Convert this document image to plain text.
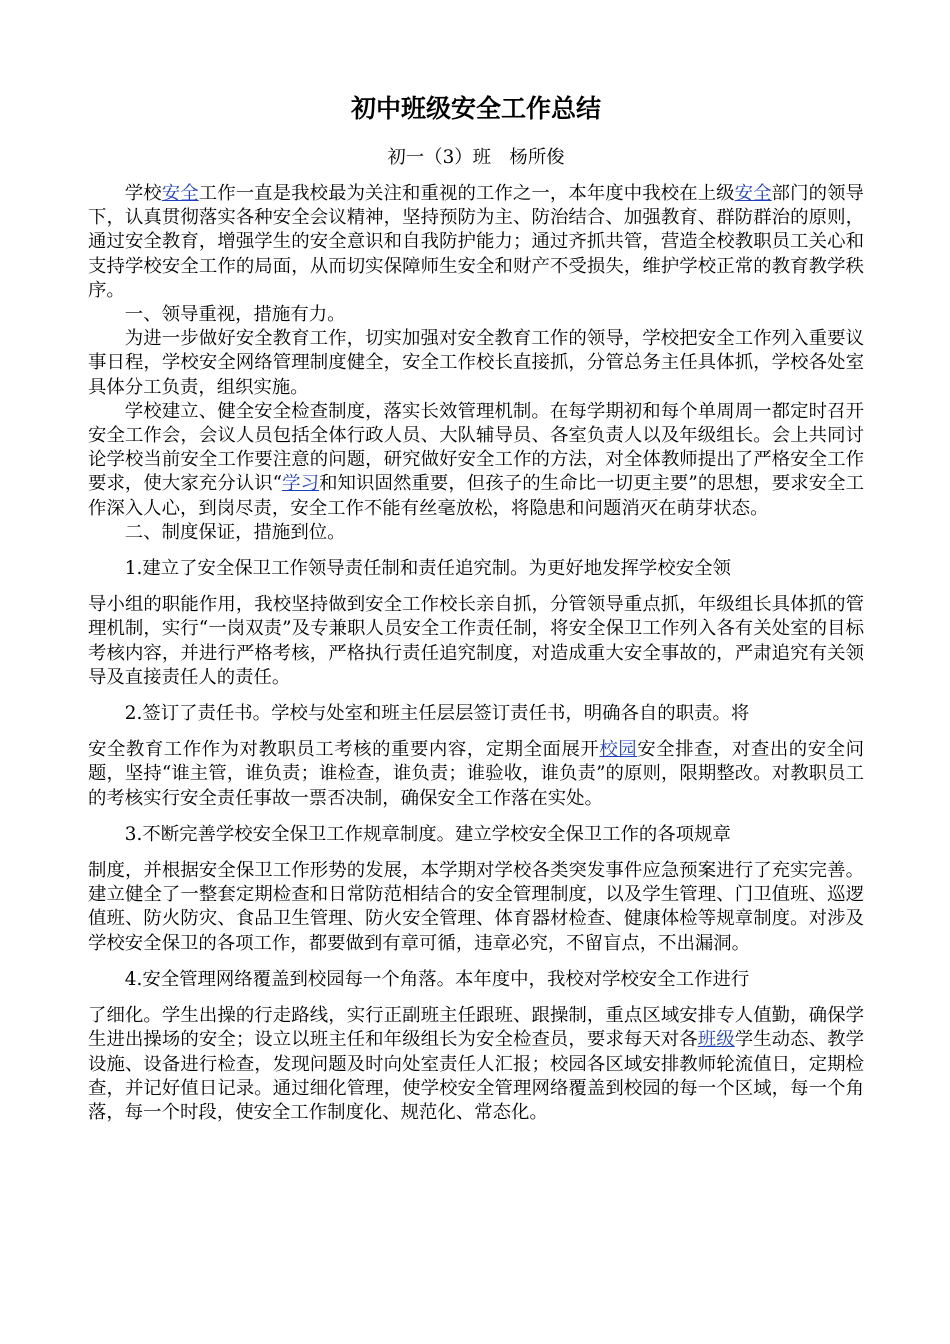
初中班级安全工作总结
初一（3）班　杨所俊

学校安全工作一直是我校最为关注和重视的工作之一，本年度中我校在上级安全部门的领导下，认真贯彻落实各种安全会议精神，坚持预防为主、防治结合、加强教育、群防群治的原则，通过安全教育，增强学生的安全意识和自我防护能力；通过齐抓共管，营造全校教职员工关心和支持学校安全工作的局面，从而切实保障师生安全和财产不受损失，维护学校正常的教育教学秩序。

一、领导重视，措施有力。

为进一步做好安全教育工作，切实加强对安全教育工作的领导，学校把安全工作列入重要议事日程，学校安全网络管理制度健全，安全工作校长直接抓，分管总务主任具体抓，学校各处室具体分工负责，组织实施。

学校建立、健全安全检查制度，落实长效管理机制。在每学期初和每个单周周一都定时召开安全工作会，会议人员包括全体行政人员、大队辅导员、各室负责人以及年级组长。会上共同讨论学校当前安全工作要注意的问题，研究做好安全工作的方法，对全体教师提出了严格安全工作要求，使大家充分认识“学习和知识固然重要，但孩子的生命比一切更主要”的思想，要求安全工作深入人心，到岗尽责，安全工作不能有丝毫放松，将隐患和问题消灭在萌芽状态。

二、制度保证，措施到位。

1.建立了安全保卫工作领导责任制和责任追究制。为更好地发挥学校安全领
导小组的职能作用，我校坚持做到安全工作校长亲自抓，分管领导重点抓，年级组长具体抓的管理机制，实行“一岗双责”及专兼职人员安全工作责任制，将安全保卫工作列入各有关处室的目标考核内容，并进行严格考核，严格执行责任追究制度，对造成重大安全事故的，严肃追究有关领导及直接责任人的责任。

2.签订了责任书。学校与处室和班主任层层签订责任书，明确各自的职责。将
安全教育工作作为对教职员工考核的重要内容，定期全面展开校园安全排查，对查出的安全问题，坚持“谁主管，谁负责；谁检查，谁负责；谁验收，谁负责”的原则，限期整改。对教职员工的考核实行安全责任事故一票否决制，确保安全工作落在实处。

3.不断完善学校安全保卫工作规章制度。建立学校安全保卫工作的各项规章
制度，并根据安全保卫工作形势的发展，本学期对学校各类突发事件应急预案进行了充实完善。建立健全了一整套定期检查和日常防范相结合的安全管理制度，以及学生管理、门卫值班、巡逻值班、防火防灾、食品卫生管理、防火安全管理、体育器材检查、健康体检等规章制度。对涉及学校安全保卫的各项工作，都要做到有章可循，违章必究，不留盲点，不出漏洞。

4.安全管理网络覆盖到校园每一个角落。本年度中，我校对学校安全工作进行
了细化。学生出操的行走路线，实行正副班主任跟班、跟操制，重点区域安排专人值勤，确保学生进出操场的安全；设立以班主任和年级组长为安全检查员，要求每天对各班级学生动态、教学设施、设备进行检查，发现问题及时向处室责任人汇报；校园各区域安排教师轮流值日，定期检查，并记好值日记录。通过细化管理，使学校安全管理网络覆盖到校园的每一个区域，每一个角落，每一个时段，使安全工作制度化、规范化、常态化。
